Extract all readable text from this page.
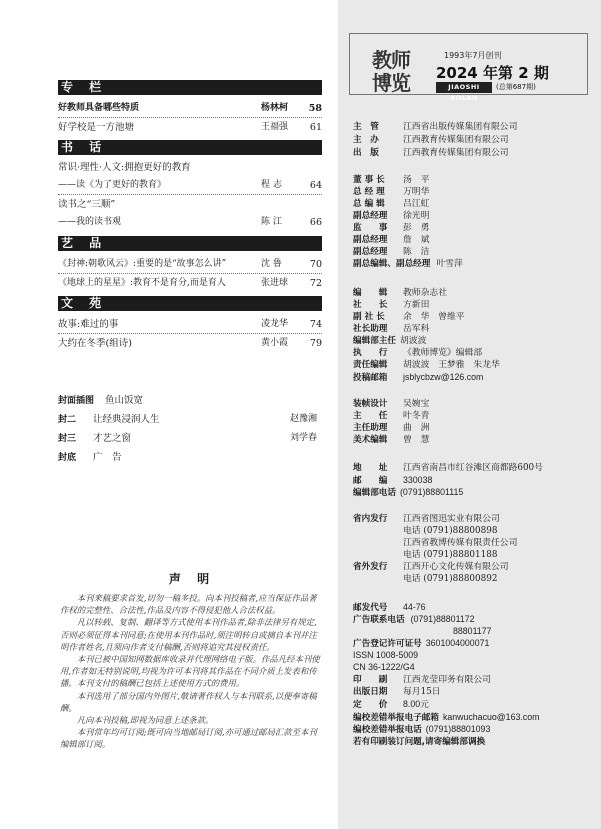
专 栏
好教师具备哪些特质	杨林柯 58
好学校是一方池塘	王福强 61
书 话
常识·理性·人文:拥抱更好的教育
——读《为了更好的教育》	程 志	64
读书之“三顺”
——我的读书观	陈 江	66
艺 品
《封神:朝歌风云》:重要的是“故事怎么讲”	沈 鲁	70
《地球上的星星》:教育不是育分,而是育人	张进球 72
文 苑
故事:难过的事	凌龙华 74
大约在冬季(组诗)	黄小霞 79
封面插图 鱼山饭宽
封二 让经典浸润人生	赵豫湘
封三 才艺之窗	刘学春
封底 广　告
声 明

本刊来稿要求首发,切勿一稿多投。向本刊投稿者,应当保证作品著作权的完整性、合法性,作品及内容不得侵犯他人合法权益。

凡以转载、复制、翻译等方式使用本刊作品者,除非法律另有规定,否则必须征得本刊同意;在使用本刊作品时,须注明转自或摘自本刊并注明作者姓名,且须向作者支付稿酬,否则将追究其侵权责任。

本刊已被中国知网数据库收录并代理网络电子版。作品凡经本刊使用,作者如无特别说明,均视为许可本刊将其作品在不同介质上发表和传播。本刊支付的稿酬已包括上述使用方式的费用。

本刊选用了部分国内外图片,敬请著作权人与本刊联系,以便奉寄稿酬。

凡向本刊投稿,即视为同意上述条款。

本刊常年均可订阅;既可向当地邮局订阅,亦可通过邮局汇款至本刊编辑部订阅。

教师
博览
1993年7月创刊
2024 年第 2 期
JIAOSHI BOLAN
(总第687期)
主　管	江西省出版传媒集团有限公司
主　办	江西教育传媒集团有限公司
出　版	江西教育传媒集团有限公司
董 事 长 汤　平
总 经 理 万明华
总 编 辑 吕江虹
副总经理 徐光明
监　　事 彭　勇
副总经理 詹　斌
副总经理 陈　洁
副总编辑、副总经理 叶雪萍
编　　辑 教师杂志社
社　　长 方新田
副 社 长 余　华　曾维平
社长助理 岳军科
编辑部主任 胡波波
执　　行 《教师博览》编辑部
责任编辑 胡波波　王梦雅　朱龙华
投稿邮箱 jsblycbzw@126.com
装帧设计 吴婉宝
主　　任 叶冬青
主任助理 曲　洲
美术编辑 曾　慧
地　　址 江西省南昌市红谷滩区商都路600号
邮　　编 330038
编辑部电话 (0791)88801115
省内发行 江西省图迅实业有限公司
电话 (0791)88800898
江西省教博传媒有限责任公司
电话 (0791)88801188
省外发行 江西开心文化传媒有限公司
电话 (0791)88800892
邮发代号 44-76
广告联系电话 (0791)88801172
88801177
广告登记许可证号 3601004000071
ISSN 1008-5009
CN 36-1222/G4
印　　刷 江西龙莹印务有限公司
出版日期 每月15日
定　　价 8.00元
编校差错举报电子邮箱 kanwuchacuo@163.com
编校差错举报电话 (0791)88801093
若有印刷装订问题,请寄编辑部调换
